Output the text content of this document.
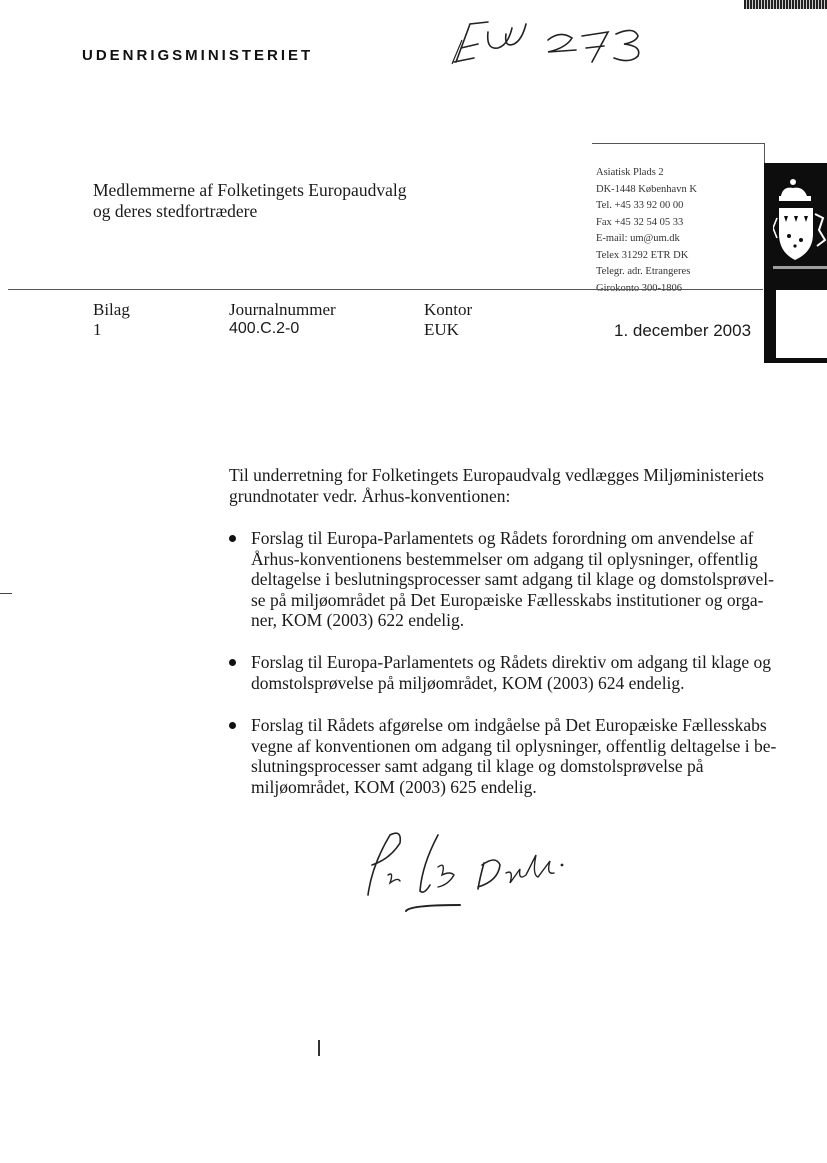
UDENRIGSMINISTERIET
Medlemmerne af Folketingets Europaudvalg
og deres stedfortrædere
Asiatisk Plads 2
DK-1448 København K
Tel. +45 33 92 00 00
Fax +45 32 54 05 33
E-mail: um@um.dk
Telex 31292 ETR DK
Telegr. adr. Etrangeres
Girokonto 300-1806
Bilag
1
Journalnummer
400.C.2-0
Kontor
EUK	1. december 2003
Til underretning for Folketingets Europaudvalg vedlægges Miljøministeriets
grundnotater vedr. Århus-konventionen:
Forslag til Europa-Parlamentets og Rådets forordning om anvendelse af
Århus-konventionens bestemmelser om adgang til oplysninger, offentlig
deltagelse i beslutningsprocesser samt adgang til klage og domstolsprøvel-
se på miljøområdet på Det Europæiske Fællesskabs institutioner og orga-
ner, KOM (2003) 622 endelig.
Forslag til Europa-Parlamentets og Rådets direktiv om adgang til klage og
domstolsprøvelse på miljøområdet, KOM (2003) 624 endelig.
Forslag til Rådets afgørelse om indgåelse på Det Europæiske Fællesskabs
vegne af konventionen om adgang til oplysninger, offentlig deltagelse i be-
slutningsprocesser samt adgang til klage og domstolsprøvelse på
miljøområdet, KOM (2003) 625 endelig.
